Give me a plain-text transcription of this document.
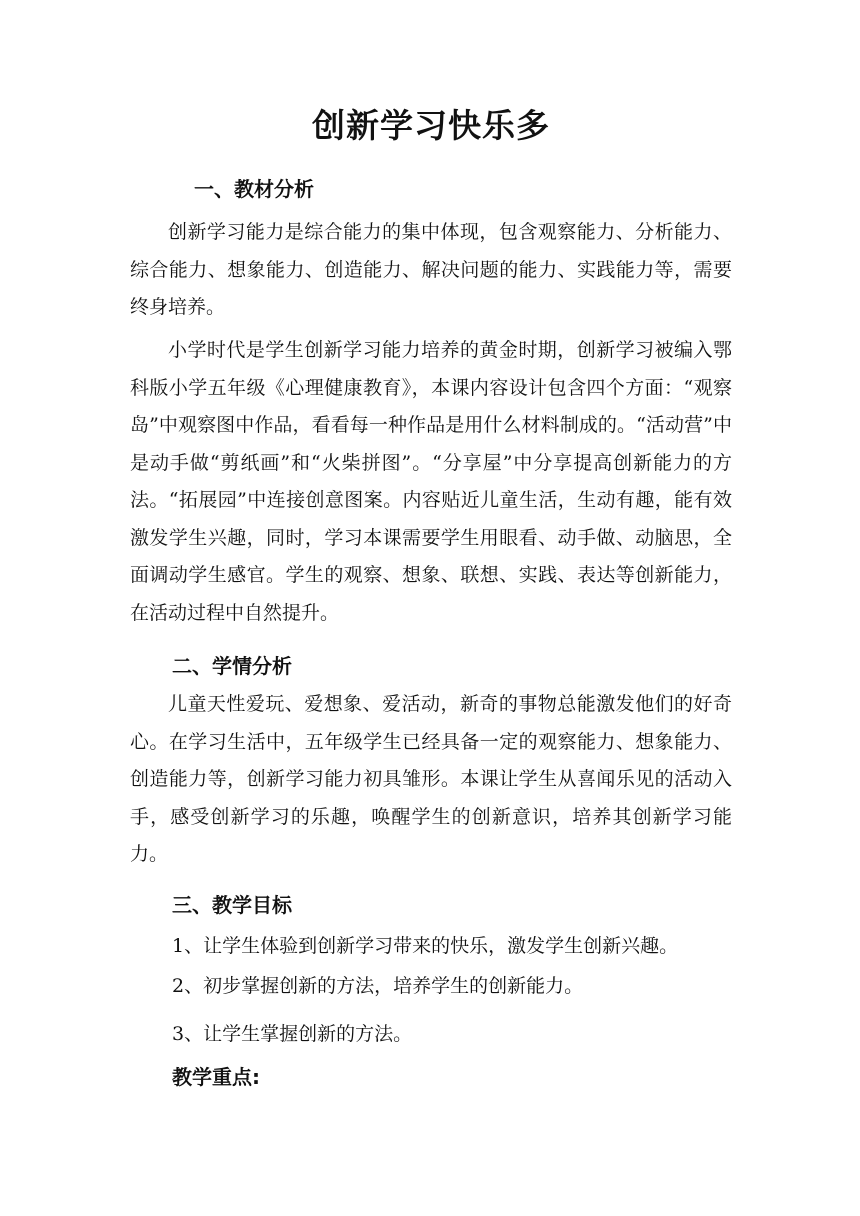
创新学习快乐多
一、教材分析

创新学习能力是综合能力的集中体现，包含观察能力、分析能力、综合能力、想象能力、创造能力、解决问题的能力、实践能力等，需要终身培养。

小学时代是学生创新学习能力培养的黄金时期，创新学习被编入鄂科版小学五年级《心理健康教育》，本课内容设计包含四个方面：“观察岛”中观察图中作品，看看每一种作品是用什么材料制成的。“活动营”中是动手做“剪纸画”和“火柴拼图”。“分享屋”中分享提高创新能力的方法。“拓展园”中连接创意图案。内容贴近儿童生活，生动有趣，能有效激发学生兴趣，同时，学习本课需要学生用眼看、动手做、动脑思，全面调动学生感官。学生的观察、想象、联想、实践、表达等创新能力，在活动过程中自然提升。

二、学情分析

儿童天性爱玩、爱想象、爱活动，新奇的事物总能激发他们的好奇心。在学习生活中，五年级学生已经具备一定的观察能力、想象能力、创造能力等，创新学习能力初具雏形。本课让学生从喜闻乐见的活动入手，感受创新学习的乐趣，唤醒学生的创新意识，培养其创新学习能力。

三、教学目标

1、让学生体验到创新学习带来的快乐，激发学生创新兴趣。

2、初步掌握创新的方法，培养学生的创新能力。

3、让学生掌握创新的方法。

教学重点:
